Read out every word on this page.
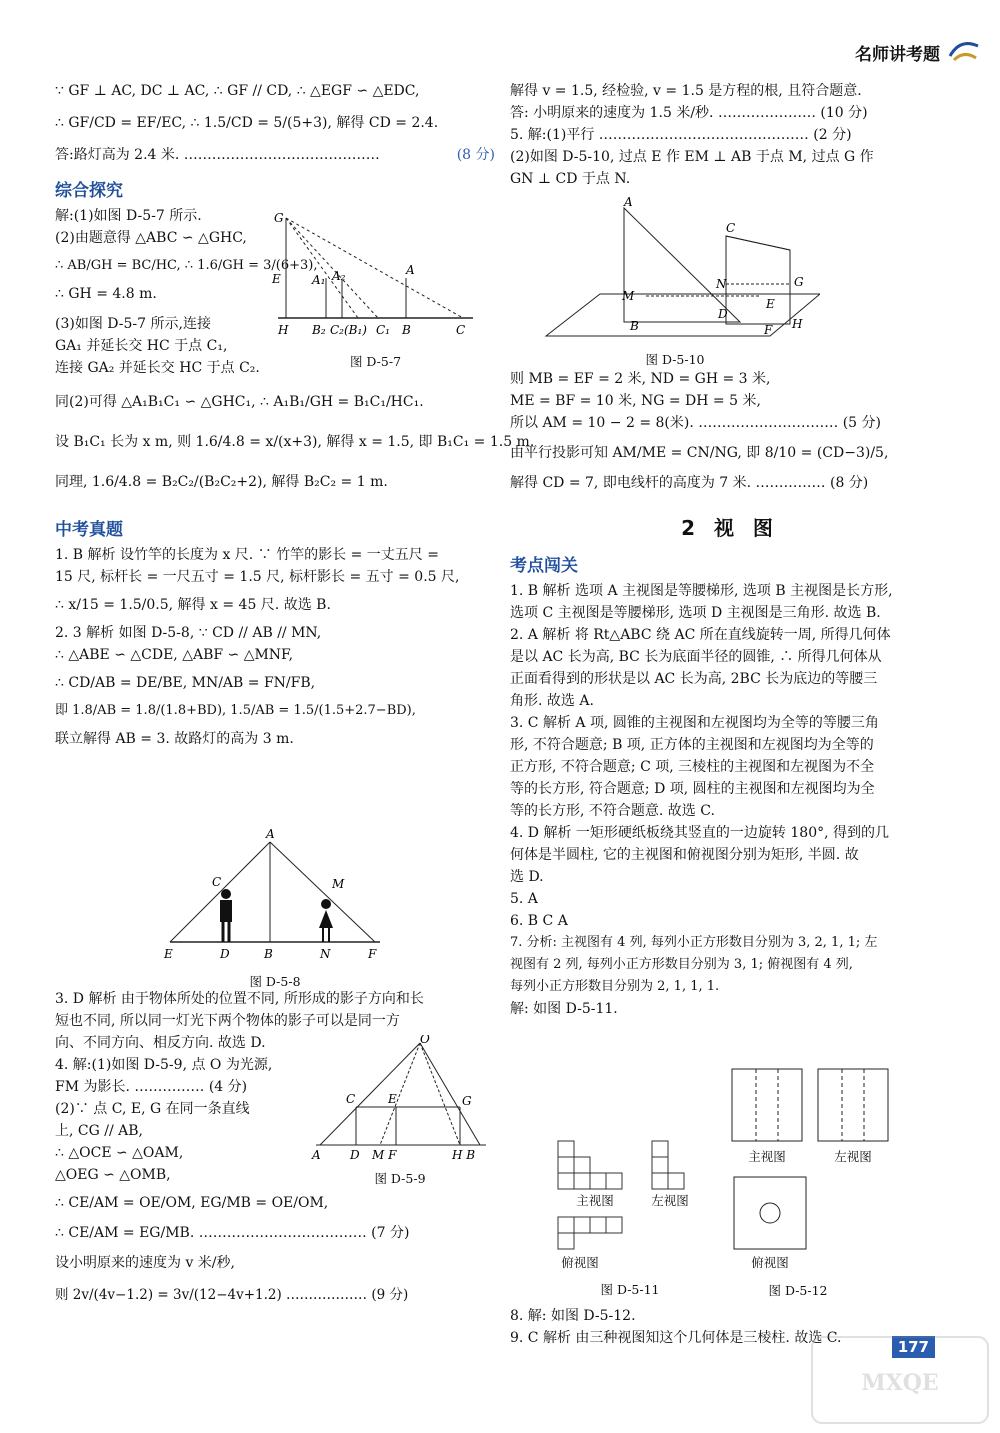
名师讲考题
∵ GF ⊥ AC, DC ⊥ AC, ∴ GF // CD, ∴ △EGF ∽ △EDC,
∴ GF/CD = EF/EC, ∴ 1.5/CD = 5/(5+3), 解得 CD = 2.4.
答:路灯高为 2.4 米. ……………………………………	(8 分)
综合探究
解:(1)如图 D-5-7 所示.
(2)由题意得 △ABC ∽ △GHC,
∴ AB/GH = BC/HC, ∴ 1.6/GH = 3/(6+3),
∴ GH = 4.8 m.
(3)如图 D-5-7 所示,连接
GA₁ 并延长交 HC 于点 C₁,
连接 GA₂ 并延长交 HC 于点 C₂.
同(2)可得 △A₁B₁C₁ ∽ △GHC₁, ∴ A₁B₁/GH = B₁C₁/HC₁.
设 B₁C₁ 长为 x m, 则 1.6/4.8 = x/(x+3), 解得 x = 1.5, 即 B₁C₁ = 1.5 m.
同理, 1.6/4.8 = B₂C₂/(B₂C₂+2), 解得 B₂C₂ = 1 m.
中考真题
1. B 解析 设竹竿的长度为 x 尺. ∵ 竹竿的影长 = 一丈五尺 =
15 尺, 标杆长 = 一尺五寸 = 1.5 尺, 标杆影长 = 五寸 = 0.5 尺,
∴ x/15 = 1.5/0.5, 解得 x = 45 尺. 故选 B.
2. 3 解析 如图 D-5-8, ∵ CD // AB // MN,
∴ △ABE ∽ △CDE, △ABF ∽ △MNF,
∴ CD/AB = DE/BE, MN/AB = FN/FB,
即 1.8/AB = 1.8/(1.8+BD), 1.5/AB = 1.5/(1.5+2.7−BD),
联立解得 AB = 3. 故路灯的高为 3 m.
G
E	A₁ A₂	A
H B₂ C₂(B₁) C₁ B	C
图 D-5-7
A
C	M
E	D	B	N	F
图 D-5-8
3. D 解析 由于物体所处的位置不同, 所形成的影子方向和长
短也不同, 所以同一灯光下两个物体的影子可以是同一方
向、不同方向、相反方向. 故选 D.
4. 解:(1)如图 D-5-9, 点 O 为光源,
FM 为影长. …………… (4 分)
(2)∵ 点 C, E, G 在同一条直线
上, CG // AB,
∴ △OCE ∽ △OAM,
△OEG ∽ △OMB,
∴ CE/AM = OE/OM, EG/MB = OE/OM,
∴ CE/AM = EG/MB. ……………………………… (7 分)
设小明原来的速度为 v 米/秒,
则 2v/(4v−1.2) = 3v/(12−4v+1.2) ……………… (9 分)
O
C	E	G
A D M F	H B
图 D-5-9
解得 v = 1.5, 经检验, v = 1.5 是方程的根, 且符合题意.
答: 小明原来的速度为 1.5 米/秒. ………………… (10 分)
5. 解:(1)平行 ……………………………………… (2 分)
(2)如图 D-5-10, 过点 E 作 EM ⊥ AB 于点 M, 过点 G 作
GN ⊥ CD 于点 N.
A
C
M
B
N	G
D
E
F H
图 D-5-10
则 MB = EF = 2 米, ND = GH = 3 米,
ME = BF = 10 米, NG = DH = 5 米,
所以 AM = 10 − 2 = 8(米). ………………………… (5 分)
由平行投影可知 AM/ME = CN/NG, 即 8/10 = (CD−3)/5,
解得 CD = 7, 即电线杆的高度为 7 米. …………… (8 分)
2 视 图
考点闯关
1. B 解析 选项 A 主视图是等腰梯形, 选项 B 主视图是长方形,
选项 C 主视图是等腰梯形, 选项 D 主视图是三角形. 故选 B.
2. A 解析 将 Rt△ABC 绕 AC 所在直线旋转一周, 所得几何体
是以 AC 长为高, BC 长为底面半径的圆锥, ∴ 所得几何体从
正面看得到的形状是以 AC 长为高, 2BC 长为底边的等腰三
角形. 故选 A.
3. C 解析 A 项, 圆锥的主视图和左视图均为全等的等腰三角
形, 不符合题意; B 项, 正方体的主视图和左视图均为全等的
正方形, 不符合题意; C 项, 三棱柱的主视图和左视图为不全
等的长方形, 符合题意; D 项, 圆柱的主视图和左视图均为全
等的长方形, 不符合题意. 故选 C.
4. D 解析 一矩形硬纸板绕其竖直的一边旋转 180°, 得到的几
何体是半圆柱, 它的主视图和俯视图分别为矩形, 半圆. 故
选 D.
5. A
6. B C A
7. 分析: 主视图有 4 列, 每列小正方形数目分别为 3, 2, 1, 1; 左
视图有 2 列, 每列小正方形数目分别为 3, 1; 俯视图有 4 列,
每列小正方形数目分别为 2, 1, 1, 1.
解: 如图 D-5-11.
主视图	左视图
俯视图
图 D-5-11
主视图	左视图
俯视图
图 D-5-12
8. 解: 如图 D-5-12.
9. C 解析 由三种视图知这个几何体是三棱柱. 故选 C.	177
MXQE
